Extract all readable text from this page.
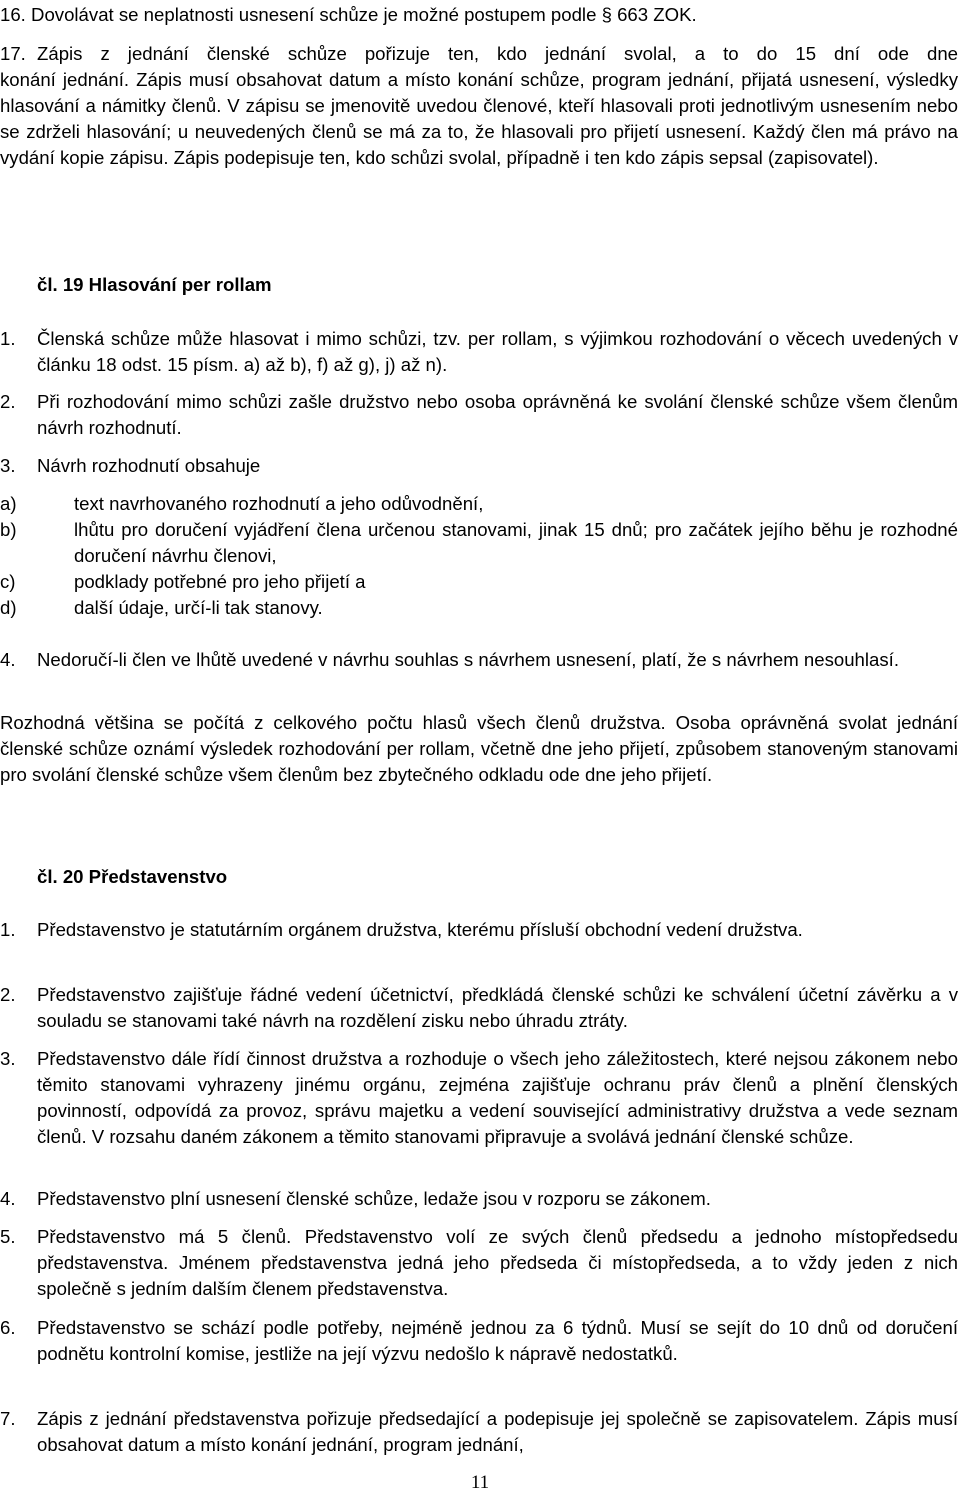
16. Dovolávat se neplatnosti usnesení schůze je možné postupem podle § 663 ZOK.

17. Zápis z jednání členské schůze pořizuje ten, kdo jednání svolal, a to do 15 dní ode dne

konání jednání. Zápis musí obsahovat datum a místo konání schůze, program jednání, přijatá usnesení, výsledky hlasování a námitky členů. V zápisu se jmenovitě uvedou členové, kteří hlasovali proti jednotlivým usnesením nebo se zdrželi hlasování; u neuvedených členů se má za to, že hlasovali pro přijetí usnesení. Každý člen má právo na vydání kopie zápisu. Zápis podepisuje ten, kdo schůzi svolal, případně i ten kdo zápis sepsal (zapisovatel).

čl. 19 Hlasování per rollam
1. Členská schůze může hlasovat i mimo schůzi, tzv. per rollam, s výjimkou rozhodování o věcech uvedených v článku 18 odst. 15 písm. a) až b), f) až g), j) až n).

2. Při rozhodování mimo schůzi zašle družstvo nebo osoba oprávněná ke svolání členské schůze všem členům návrh rozhodnutí.

3. Návrh rozhodnutí obsahuje

a)	text navrhovaného rozhodnutí a jeho odůvodnění,

b)	lhůtu pro doručení vyjádření člena určenou stanovami, jinak 15 dnů; pro začátek jejího běhu je rozhodné doručení návrhu členovi,

c)	podklady potřebné pro jeho přijetí a

d)	další údaje, určí-li tak stanovy.

4. Nedoručí-li člen ve lhůtě uvedené v návrhu souhlas s návrhem usnesení, platí, že s návrhem nesouhlasí.

Rozhodná většina se počítá z celkového počtu hlasů všech členů družstva. Osoba oprávněná svolat jednání členské schůze oznámí výsledek rozhodování per rollam, včetně dne jeho přijetí, způsobem stanoveným stanovami pro svolání členské schůze všem členům bez zbytečného odkladu ode dne jeho přijetí.

čl. 20 Představenstvo
1. Představenstvo je statutárním orgánem družstva, kterému přísluší obchodní vedení družstva.

2. Představenstvo zajišťuje řádné vedení účetnictví, předkládá členské schůzi ke schválení účetní závěrku a v souladu se stanovami také návrh na rozdělení zisku nebo úhradu ztráty.

3. Představenstvo dále řídí činnost družstva a rozhoduje o všech jeho záležitostech, které nejsou zákonem nebo těmito stanovami vyhrazeny jinému orgánu, zejména zajišťuje ochranu práv členů a plnění členských povinností, odpovídá za provoz, správu majetku a vedení související administrativy družstva a vede seznam členů. V rozsahu daném zákonem a těmito stanovami připravuje a svolává jednání členské schůze.

4. Představenstvo plní usnesení členské schůze, ledaže jsou v rozporu se zákonem.

5. Představenstvo má 5 členů. Představenstvo volí ze svých členů předsedu a jednoho místopředsedu představenstva. Jménem představenstva jedná jeho předseda či místopředseda, a to vždy jeden z nich společně s jedním dalším členem představenstva.

6. Představenstvo se schází podle potřeby, nejméně jednou za 6 týdnů. Musí se sejít do 10 dnů od doručení podnětu kontrolní komise, jestliže na její výzvu nedošlo k nápravě nedostatků.

7. Zápis z jednání představenstva pořizuje předsedající a podepisuje jej společně se zapisovatelem. Zápis musí obsahovat datum a místo konání jednání, program jednání,

11
